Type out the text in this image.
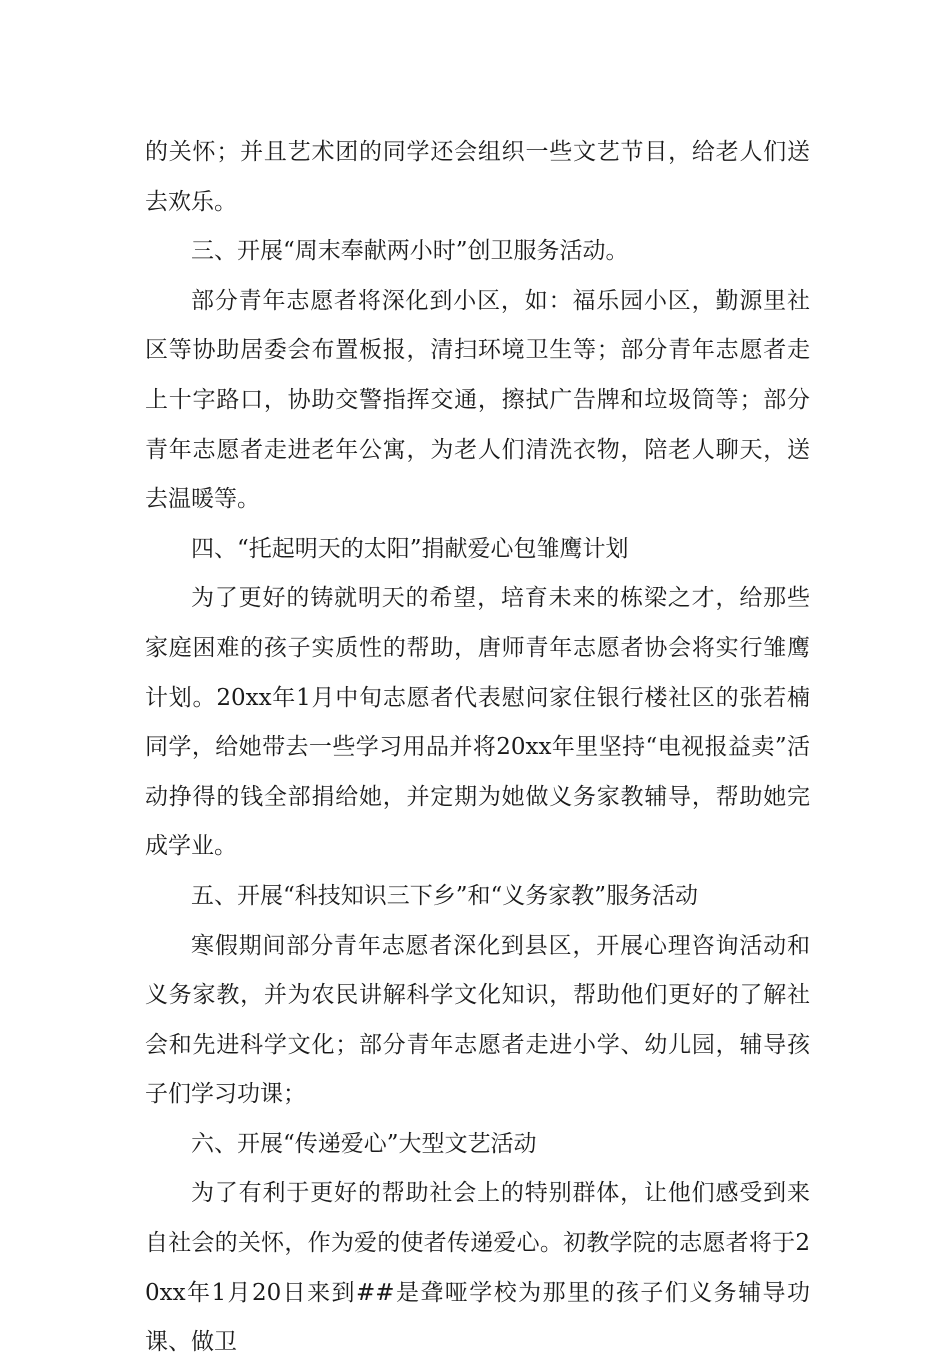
的关怀；并且艺术团的同学还会组织一些文艺节目，给老人们送去欢乐。

三、开展“周末奉献两小时”创卫服务活动。

部分青年志愿者将深化到小区，如：福乐园小区，勤源里社区等协助居委会布置板报，清扫环境卫生等；部分青年志愿者走上十字路口，协助交警指挥交通，擦拭广告牌和垃圾筒等；部分青年志愿者走进老年公寓，为老人们清洗衣物，陪老人聊天，送去温暖等。

四、“托起明天的太阳”捐献爱心包雏鹰计划

为了更好的铸就明天的希望，培育未来的栋梁之才，给那些家庭困难的孩子实质性的帮助，唐师青年志愿者协会将实行雏鹰计划。20xx年1月中旬志愿者代表慰问家住银行楼社区的张若楠同学，给她带去一些学习用品并将20xx年里坚持“电视报益卖”活动挣得的钱全部捐给她，并定期为她做义务家教辅导，帮助她完成学业。

五、开展“科技知识三下乡”和“义务家教”服务活动

寒假期间部分青年志愿者深化到县区，开展心理咨询活动和义务家教，并为农民讲解科学文化知识，帮助他们更好的了解社会和先进科学文化；部分青年志愿者走进小学、幼儿园，辅导孩子们学习功课；

六、开展“传递爱心”大型文艺活动

为了有利于更好的帮助社会上的特别群体，让他们感受到来自社会的关怀，作为爱的使者传递爱心。初教学院的志愿者将于20xx年1月20日来到##是聋哑学校为那里的孩子们义务辅导功课、做卫
